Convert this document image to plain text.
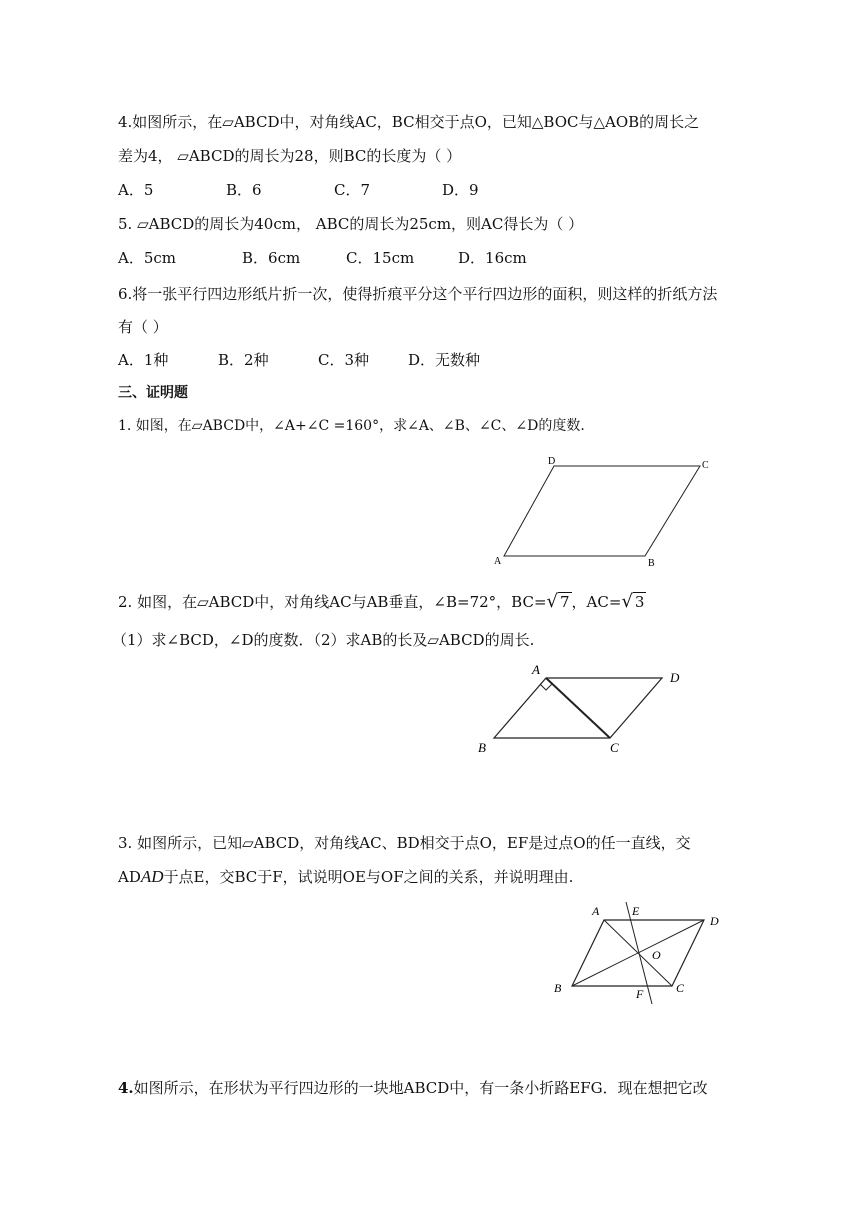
4.如图所示，在▱ABCD中，对角线AC，BC相交于点O，已知△BOC与△AOB的周长之
差为4， ▱ABCD的周长为28，则BC的长度为（ ）
A．5	B．6	C．7	D．9
5. ▱ABCD的周长为40cm， ABC的周长为25cm，则AC得长为（ ）
A．5cm	B．6cm	C．15cm	D．16cm
6.将一张平行四边形纸片折一次，使得折痕平分这个平行四边形的面积，则这样的折纸方法
有（ ）
A．1种	B．2种	C．3种	D．无数种
三、证明题
1. 如图，在▱ABCD中，∠A+∠C =160°，求∠A、∠B、∠C、∠D的度数.
D	C
A	B
2. 如图，在▱ABCD中，对角线AC与AB垂直，∠B=72°，BC=√ 7 ，AC=√ 3
（1）求∠BCD，∠D的度数．（2）求AB的长及▱ABCD的周长.
A
D
B	C
3. 如图所示，已知▱ABCD，对角线AC、BD相交于点O，EF是过点O的任一直线，交
ADAD于点E，交BC于F，试说明OE与OF之间的关系，并说明理由.
A	E
D
O
B	F	C
4.如图所示，在形状为平行四边形的一块地ABCD中，有一条小折路EFG．现在想把它改
